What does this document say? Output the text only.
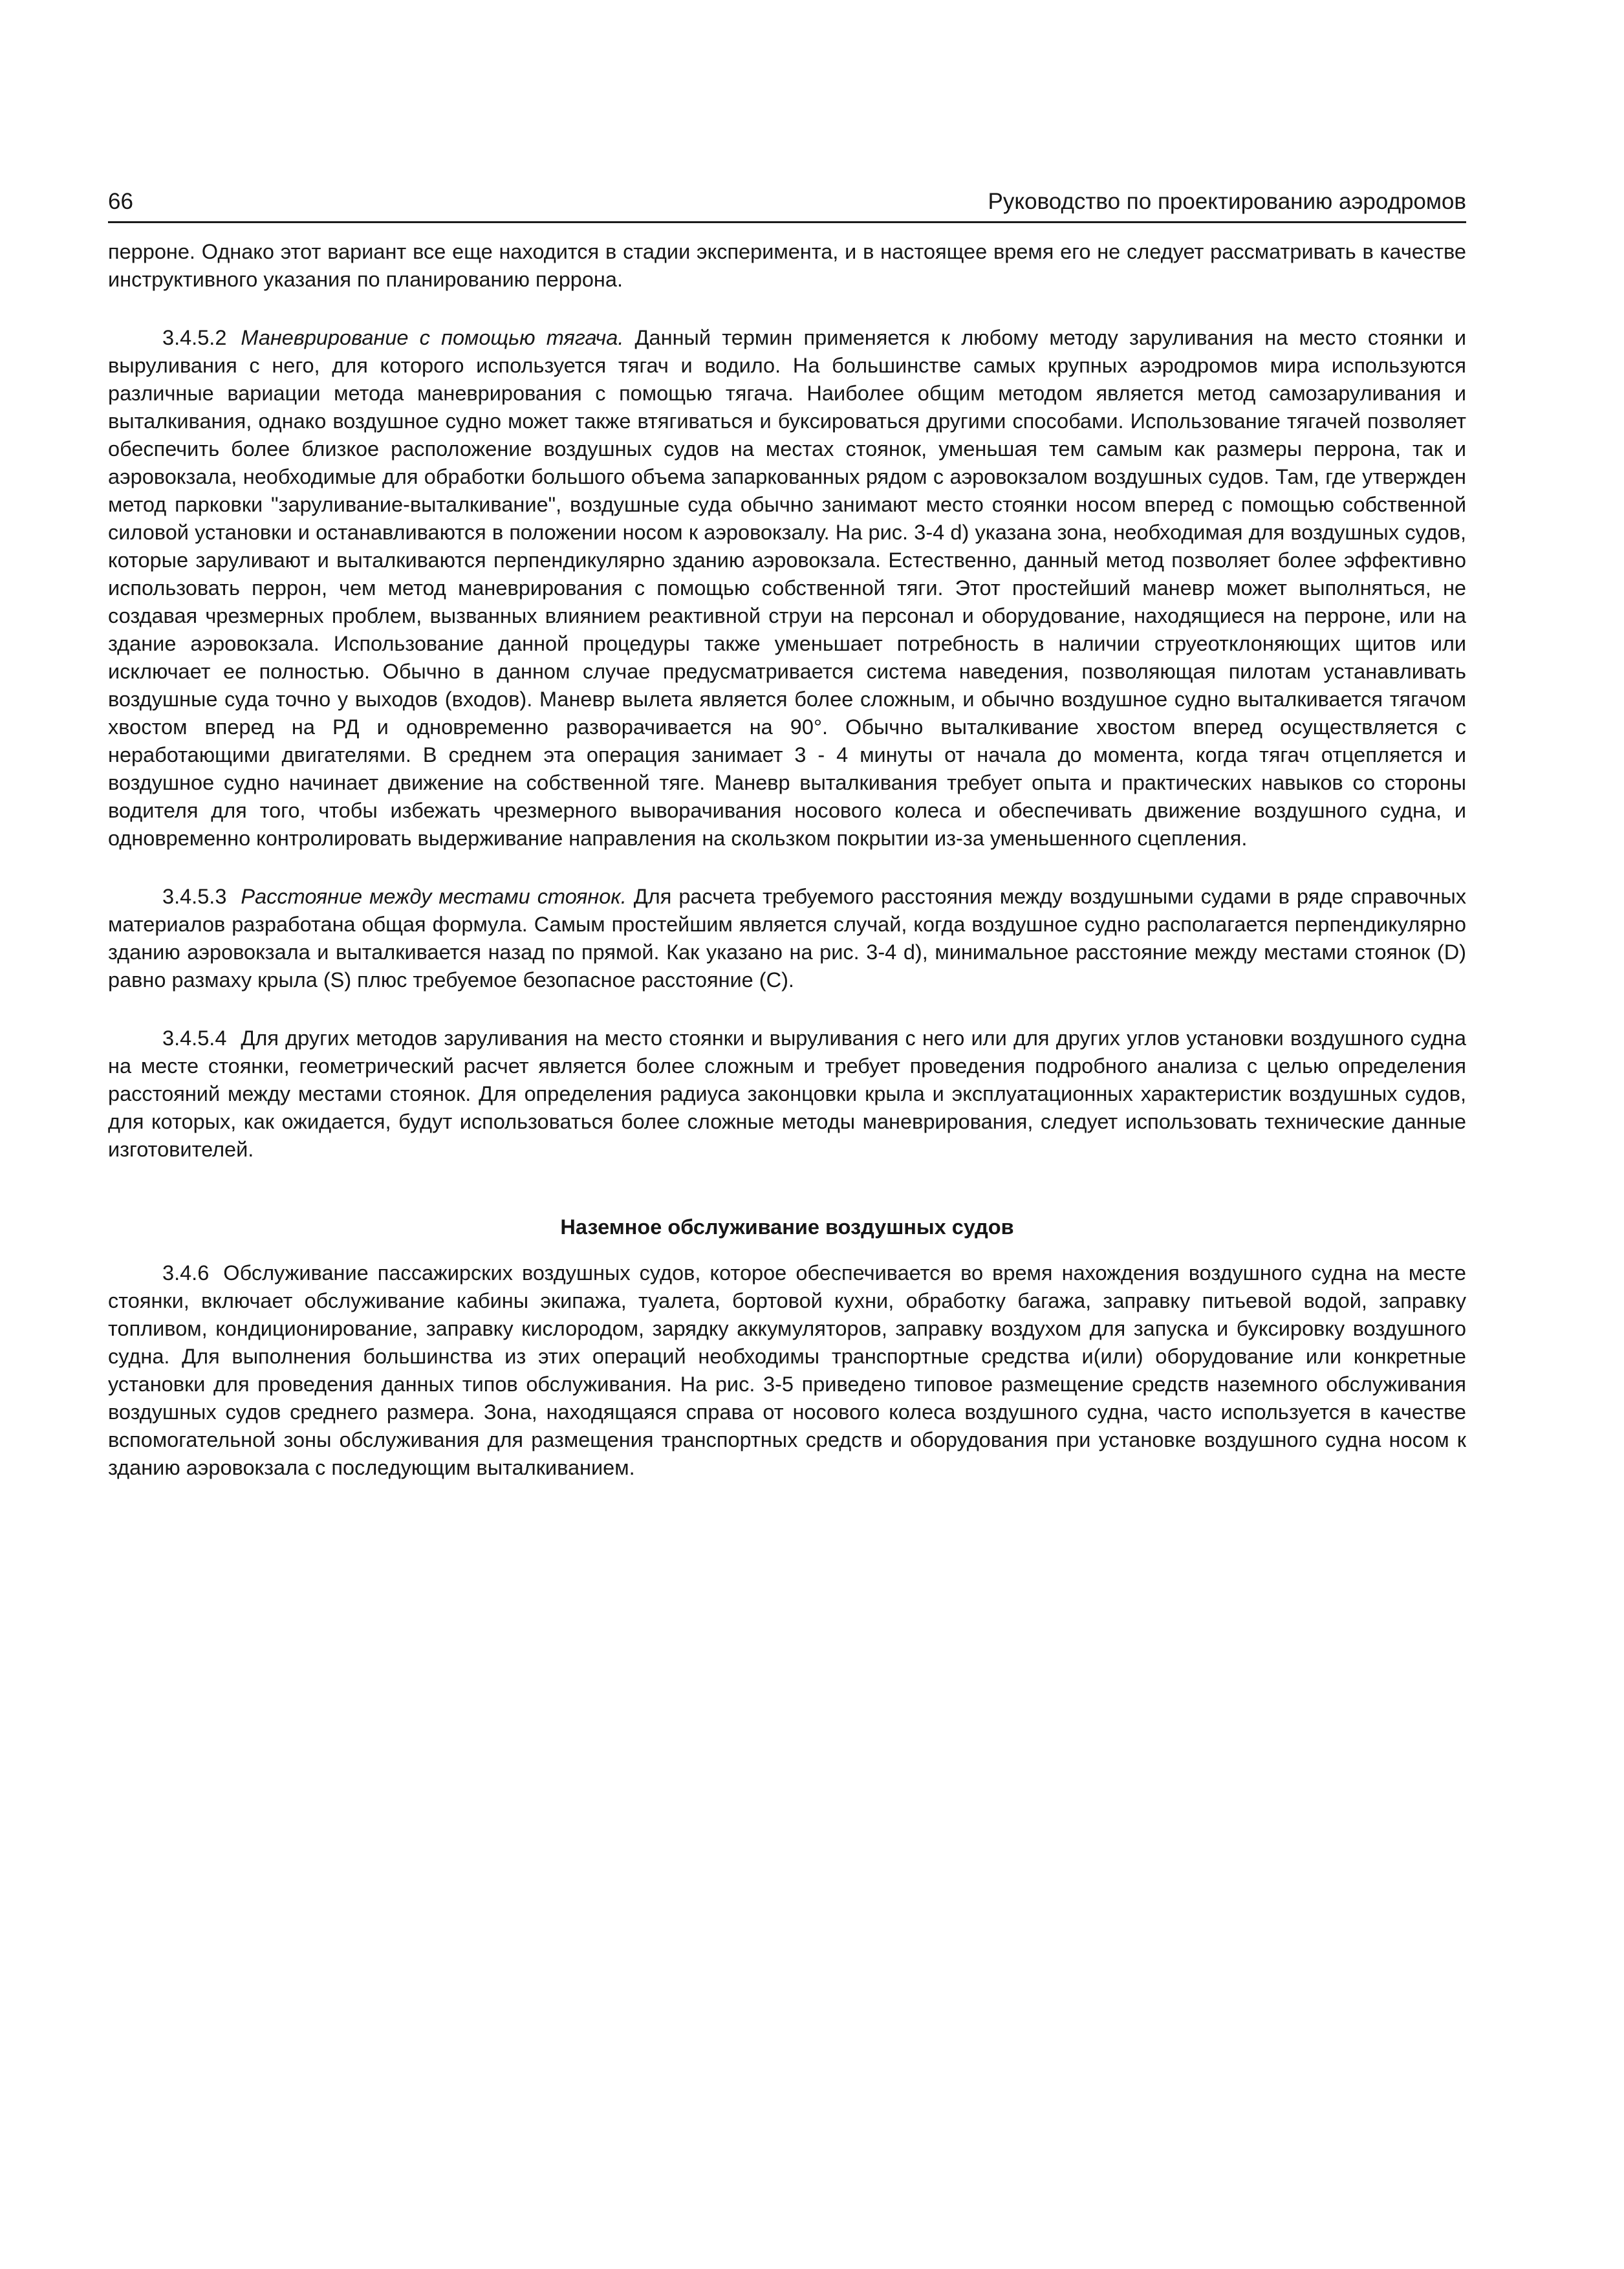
66	Руководство по проектированию аэродромов

перроне. Однако этот вариант все еще находится в стадии эксперимента, и в настоящее время его не следует рассматривать в качестве инструктивного указания по планированию перрона.

3.4.5.2 Маневрирование с помощью тягача. Данный термин применяется к любому методу заруливания на место стоянки и выруливания с него, для которого используется тягач и водило. На большинстве самых крупных аэродромов мира используются различные вариации метода маневрирования с помощью тягача. Наиболее общим методом является метод самозаруливания и выталкивания, однако воздушное судно может также втягиваться и буксироваться другими способами. Использование тягачей позволяет обеспечить более близкое расположение воздушных судов на местах стоянок, уменьшая тем самым как размеры перрона, так и аэровокзала, необходимые для обработки большого объема запаркованных рядом с аэровокзалом воздушных судов. Там, где утвержден метод парковки "заруливание-выталкивание", воздушные суда обычно занимают место стоянки носом вперед с помощью собственной силовой установки и останавливаются в положении носом к аэровокзалу. На рис. 3-4 d) указана зона, необходимая для воздушных судов, которые заруливают и выталкиваются перпендикулярно зданию аэровокзала. Естественно, данный метод позволяет более эффективно использовать перрон, чем метод маневрирования с помощью собственной тяги. Этот простейший маневр может выполняться, не создавая чрезмерных проблем, вызванных влиянием реактивной струи на персонал и оборудование, находящиеся на перроне, или на здание аэровокзала. Использование данной процедуры также уменьшает потребность в наличии струеотклоняющих щитов или исключает ее полностью. Обычно в данном случае предусматривается система наведения, позволяющая пилотам устанавливать воздушные суда точно у выходов (входов). Маневр вылета является более сложным, и обычно воздушное судно выталкивается тягачом хвостом вперед на РД и одновременно разворачивается на 90°. Обычно выталкивание хвостом вперед осуществляется с неработающими двигателями. В среднем эта операция занимает 3 - 4 минуты от начала до момента, когда тягач отцепляется и воздушное судно начинает движение на собственной тяге. Маневр выталкивания требует опыта и практических навыков со стороны водителя для того, чтобы избежать чрезмерного выворачивания носового колеса и обеспечивать движение воздушного судна, и одновременно контролировать выдерживание направления на скользком покрытии из-за уменьшенного сцепления.

3.4.5.3 Расстояние между местами стоянок. Для расчета требуемого расстояния между воздушными судами в ряде справочных материалов разработана общая формула. Самым простейшим является случай, когда воздушное судно располагается перпендикулярно зданию аэровокзала и выталкивается назад по прямой. Как указано на рис. 3-4 d), минимальное расстояние между местами стоянок (D) равно размаху крыла (S) плюс требуемое безопасное расстояние (C).

3.4.5.4 Для других методов заруливания на место стоянки и выруливания с него или для других углов установки воздушного судна на месте стоянки, геометрический расчет является более сложным и требует проведения подробного анализа с целью определения расстояний между местами стоянок. Для определения радиуса законцовки крыла и эксплуатационных характеристик воздушных судов, для которых, как ожидается, будут использоваться более сложные методы маневрирования, следует использовать технические данные изготовителей.

Наземное обслуживание воздушных судов

3.4.6 Обслуживание пассажирских воздушных судов, которое обеспечивается во время нахождения воздушного судна на месте стоянки, включает обслуживание кабины экипажа, туалета, бортовой кухни, обработку багажа, заправку питьевой водой, заправку топливом, кондиционирование, заправку кислородом, зарядку аккумуляторов, заправку воздухом для запуска и буксировку воздушного судна. Для выполнения большинства из этих операций необходимы транспортные средства и(или) оборудование или конкретные установки для проведения данных типов обслуживания. На рис. 3-5 приведено типовое размещение средств наземного обслуживания воздушных судов среднего размера. Зона, находящаяся справа от носового колеса воздушного судна, часто используется в качестве вспомогательной зоны обслуживания для размещения транспортных средств и оборудования при установке воздушного судна носом к зданию аэровокзала с последующим выталкиванием.
